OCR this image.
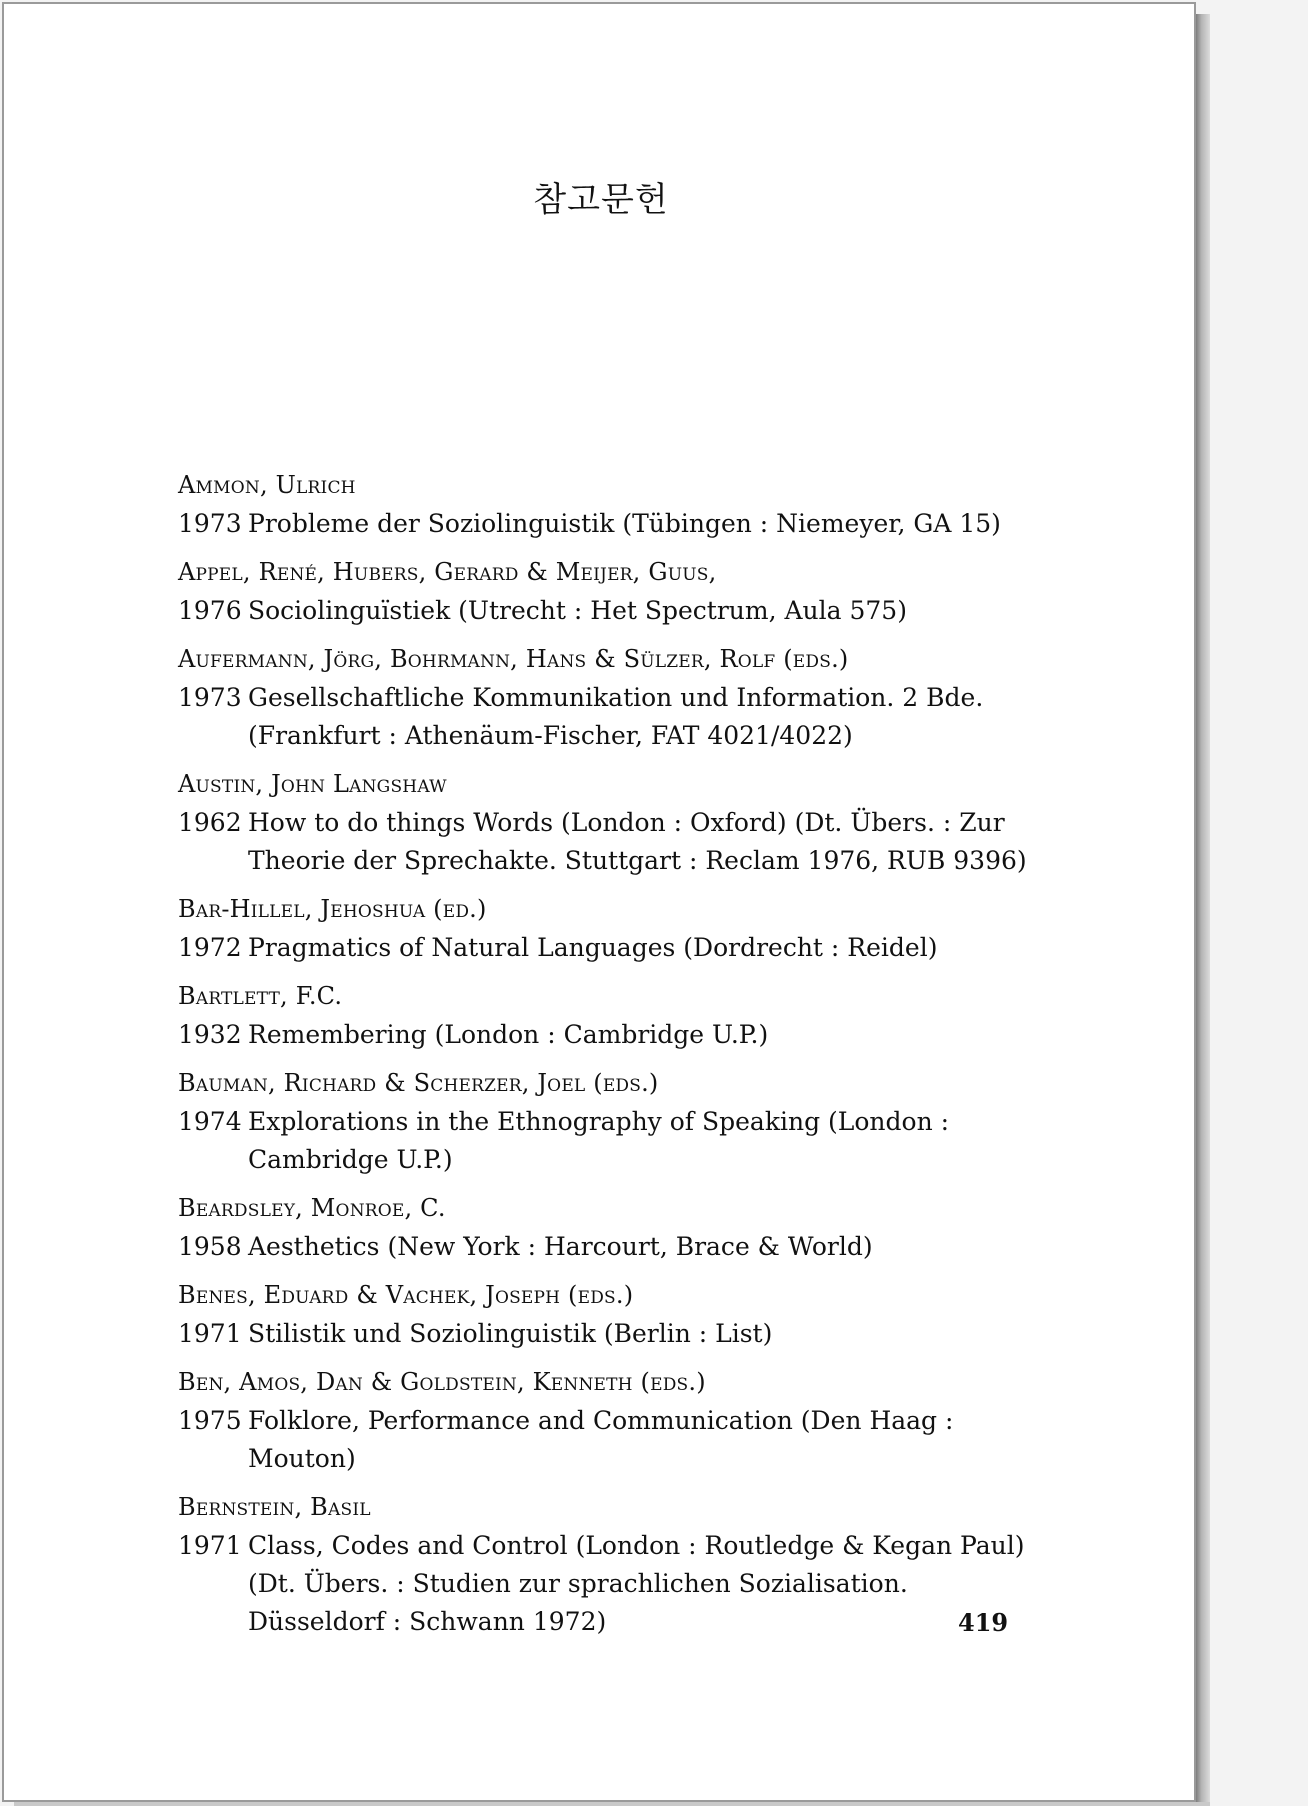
참고문헌
Ammon, Ulrich
1973 Probleme der Soziolinguistik (Tübingen : Niemeyer, GA 15)
Appel, René, Hubers, Gerard & Meijer, Guus,
1976 Sociolinguïstiek (Utrecht : Het Spectrum, Aula 575)
Aufermann, Jörg, Bohrmann, Hans & Sülzer, Rolf (eds.)
1973 Gesellschaftliche Kommunikation und Information. 2 Bde. (Frankfurt : Athenäum-Fischer, FAT 4021/4022)
Austin, John Langshaw
1962 How to do things Words (London : Oxford) (Dt. Übers. : Zur Theorie der Sprechakte. Stuttgart : Reclam 1976, RUB 9396)
Bar-Hillel, Jehoshua (ed.)
1972 Pragmatics of Natural Languages (Dordrecht : Reidel)
Bartlett, F.C.
1932 Remembering (London : Cambridge U.P.)
Bauman, Richard & Scherzer, Joel (eds.)
1974 Explorations in the Ethnography of Speaking (London : Cambridge U.P.)
Beardsley, Monroe, C.
1958 Aesthetics (New York : Harcourt, Brace & World)
Benes, Eduard & Vachek, Joseph (eds.)
1971 Stilistik und Soziolinguistik (Berlin : List)
Ben, Amos, Dan & Goldstein, Kenneth (eds.)
1975 Folklore, Performance and Communication (Den Haag : Mouton)
Bernstein, Basil
1971 Class, Codes and Control (London : Routledge & Kegan Paul) (Dt. Übers. : Studien zur sprachlichen Sozialisation. Düsseldorf : Schwann 1972)	419
